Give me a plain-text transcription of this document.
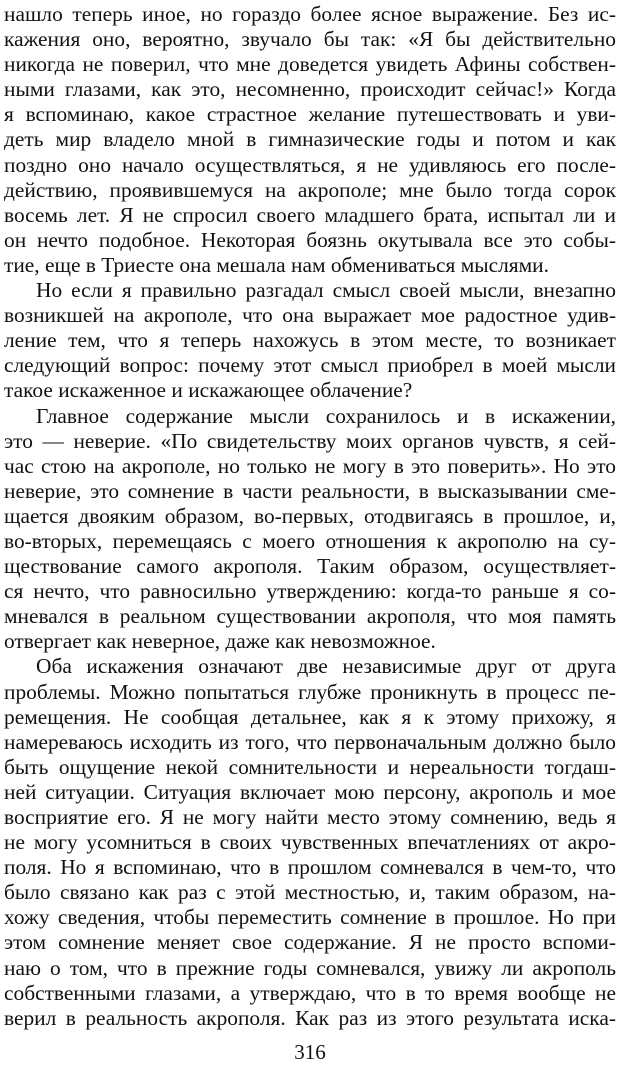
нашло теперь иное, но гораздо более ясное выражение. Без ис-
кажения оно, вероятно, звучало бы так: «Я бы действительно
никогда не поверил, что мне доведется увидеть Афины собствен-
ными глазами, как это, несомненно, происходит сейчас!» Когда
я вспоминаю, какое страстное желание путешествовать и уви-
деть мир владело мной в гимназические годы и потом и как
поздно оно начало осуществляться, я не удивляюсь его после-
действию, проявившемуся на акрополе; мне было тогда сорок
восемь лет. Я не спросил своего младшего брата, испытал ли и
он нечто подобное. Некоторая боязнь окутывала все это собы-
тие, еще в Триесте она мешала нам обмениваться мыслями.
Но если я правильно разгадал смысл своей мысли, внезапно
возникшей на акрополе, что она выражает мое радостное удив-
ление тем, что я теперь нахожусь в этом месте, то возникает
следующий вопрос: почему этот смысл приобрел в моей мысли
такое искаженное и искажающее облачение?
Главное содержание мысли сохранилось и в искажении,
это — неверие. «По свидетельству моих органов чувств, я сей-
час стою на акрополе, но только не могу в это поверить». Но это
неверие, это сомнение в части реальности, в высказывании сме-
щается двояким образом, во-первых, отодвигаясь в прошлое, и,
во-вторых, перемещаясь с моего отношения к акрополю на су-
ществование самого акрополя. Таким образом, осуществляет-
ся нечто, что равносильно утверждению: когда-то раньше я со-
мневался в реальном существовании акрополя, что моя память
отвергает как неверное, даже как невозможное.
Оба искажения означают две независимые друг от друга
проблемы. Можно попытаться глубже проникнуть в процесс пе-
ремещения. Не сообщая детальнее, как я к этому прихожу, я
намереваюсь исходить из того, что первоначальным должно было
быть ощущение некой сомнительности и нереальности тогдаш-
ней ситуации. Ситуация включает мою персону, акрополь и мое
восприятие его. Я не могу найти место этому сомнению, ведь я
не могу усомниться в своих чувственных впечатлениях от акро-
поля. Но я вспоминаю, что в прошлом сомневался в чем-то, что
было связано как раз с этой местностью, и, таким образом, на-
хожу сведения, чтобы переместить сомнение в прошлое. Но при
этом сомнение меняет свое содержание. Я не просто вспоми-
наю о том, что в прежние годы сомневался, увижу ли акрополь
собственными глазами, а утверждаю, что в то время вообще не
верил в реальность акрополя. Как раз из этого результата иска-
316
